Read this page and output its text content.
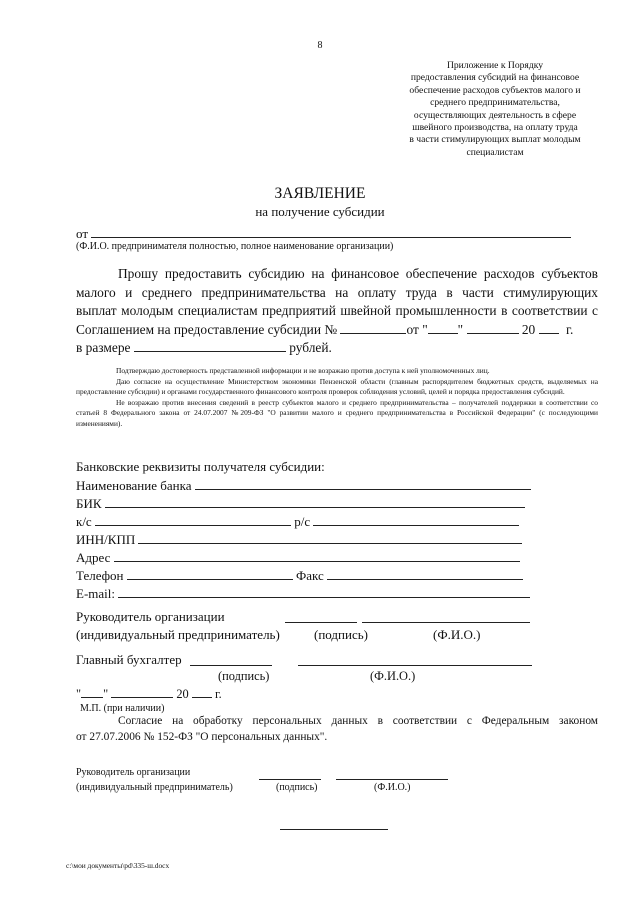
8
Приложение к Порядку
предоставления субсидий на финансовое
обеспечение расходов субъектов малого и
среднего предпринимательства,
осуществляющих деятельность в сфере
швейного производства, на оплату труда
в части стимулирующих выплат молодым
специалистам
ЗАЯВЛЕНИЕ
на получение субсидии
от
(Ф.И.О. предпринимателя полностью, полное наименование организации)
Прошу предоставить субсидию на финансовое обеспечение расходов субъектов
малого и среднего предпринимательства на оплату труда в части стимулирующих
выплат молодым специалистам предприятий швейной промышленности в соответствии с
Соглашением на предоставление субсидии №	от " "	20 г.
в размере	рублей.

Подтверждаю достоверность представленной информации и не возражаю против доступа к ней уполномоченных лиц.

Даю согласие на осуществление Министерством экономики Пензенской области (главным распорядителем бюджетных средств, выделяемых на предоставление субсидии) и органами государственного финансового контроля проверок соблюдения условий, целей и порядка предоставления субсидий.

Не возражаю против внесения сведений в реестр субъектов малого и среднего предпринимательства – получателей поддержки в соответствии со статьей 8 Федерального закона от 24.07.2007 №209-ФЗ "О развитии малого и среднего предпринимательства в Российской Федерации" (с последующими изменениями).

Банковские реквизиты получателя субсидии:
Наименование банка
БИК
к/с	р/с
ИНН/КПП
Адрес
Телефон	Факс
E-mail:
Руководитель организации
(индивидуальный предприниматель)	(подпись)	(Ф.И.О.)
Главный бухгалтер
(подпись)	(Ф.И.О.)
" "	20 г.
М.П. (при наличии)
Согласие на обработку персональных данных в соответствии с Федеральным законом
от 27.07.2006 № 152-ФЗ "О персональных данных".
Руководитель организации
(индивидуальный предприниматель)	(подпись)	(Ф.И.О.)
c:\мои документы\pd\335-ш.docx
